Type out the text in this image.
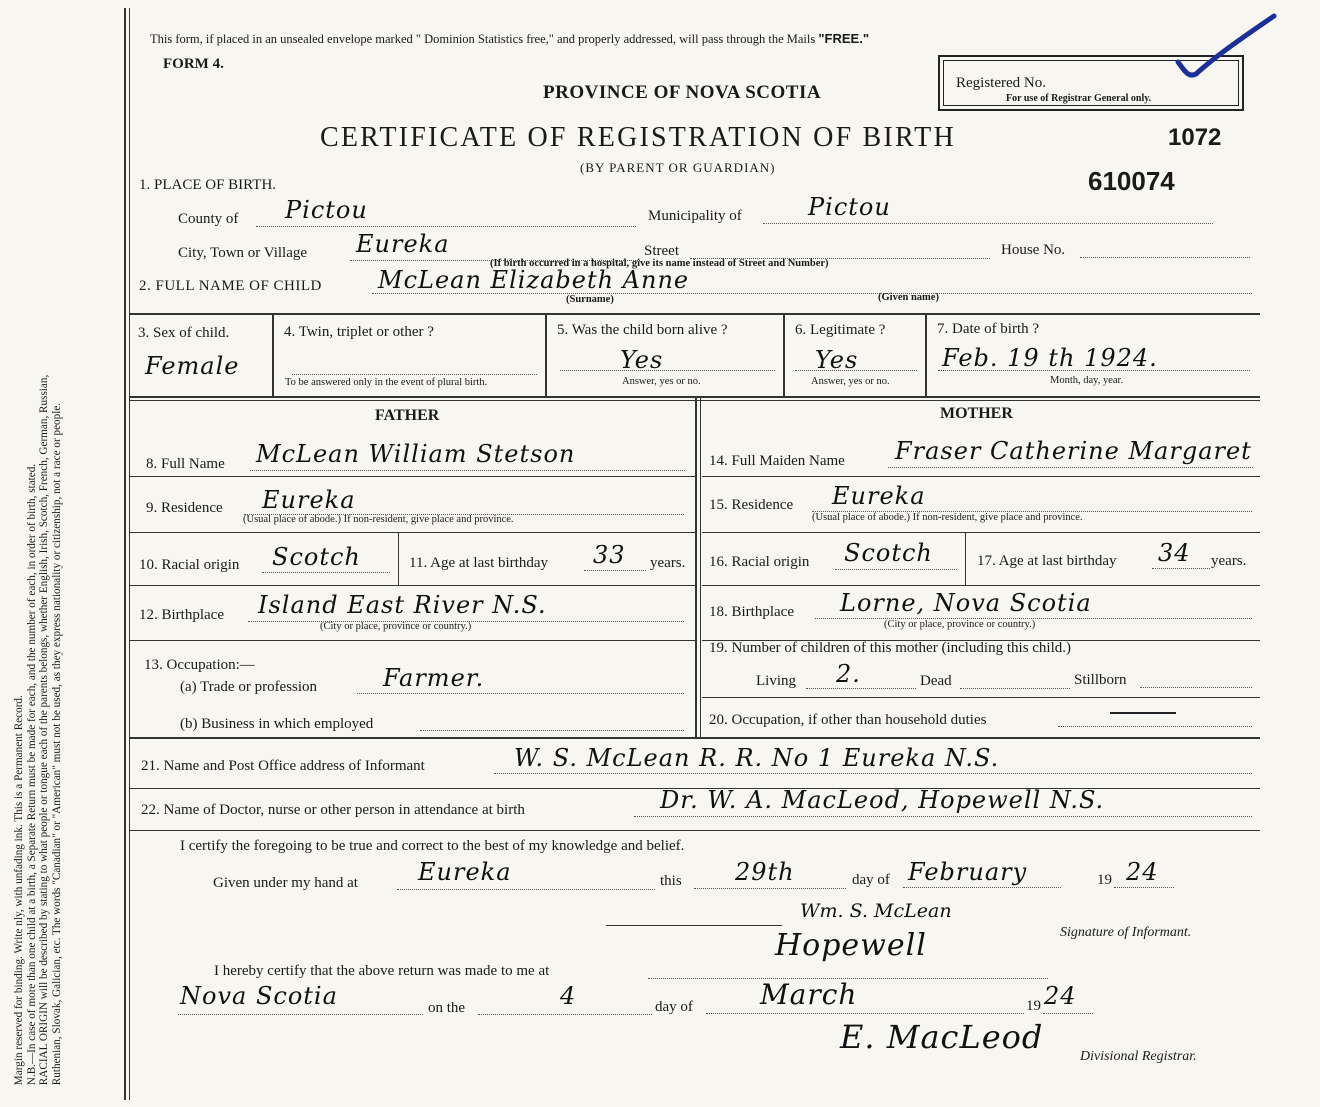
Margin reserved for binding. Write nly, with unfading ink. This is a Permanent Record. N.B.—In case of more than one child at a birth, a Separate Return must be made for each, and the number of each, in order of birth, stated. RACIAL ORIGIN will be described by stating to what people or tongue each of the parents belongs, whether English, Irish, Scotch, French, German, Russian, Ruthenian, Slovak, Galician, etc. The words "Canadian" or "American" must not be used, as they express nationality or citizenship, not a race or people.
This form, if placed in an unsealed envelope marked " Dominion Statistics free," and properly addressed, will pass through the Mails "FREE."
FORM 4.
PROVINCE OF NOVA SCOTIA
CERTIFICATE OF REGISTRATION OF BIRTH
(BY PARENT OR GUARDIAN)
Registered No.
For use of Registrar General only.
1072
610074
1. PLACE OF BIRTH.
County of Pictou	Municipality of	Pictou
City, Town or Village Eureka	Street	House No.
(If birth occurred in a hospital, give its name instead of Street and Number)
2. FULL NAME OF CHILD McLean Elizabeth Anne
(Surname)	(Given name)
3. Sex of child.
Female
4. Twin, triplet or other ?
To be answered only in the event of plural birth.
5. Was the child born alive ?
Yes
Answer, yes or no.
6. Legitimate ?
Yes
Answer, yes or no.
7. Date of birth ?
Feb. 19 th 1924.
Month, day, year.
FATHER	MOTHER
8. Full Name McLean William Stetson
9. Residence Eureka
(Usual place of abode.) If non-resident, give place and province.
10. Racial origin Scotch	11. Age at last birthday 33 years.
12. Birthplace Island East River N.S.
(City or place, province or country.)
13. Occupation:—
(a) Trade or profession	Farmer.
(b) Business in which employed
14. Full Maiden Name Fraser Catherine Margaret
15. Residence Eureka
(Usual place of abode.) If non-resident, give place and province.
16. Racial origin Scotch	17. Age at last birthday 34 years.
18. Birthplace Lorne, Nova Scotia
(City or place, province or country.)
19. Number of children of this mother (including this child.)
Living 2.	Dead	Stillborn
20. Occupation, if other than household duties
21. Name and Post Office address of Informant	W. S. McLean R. R. No 1 Eureka N.S.
22. Name of Doctor, nurse or other person in attendance at birth	Dr. W. A. MacLeod, Hopewell N.S.
I certify the foregoing to be true and correct to the best of my knowledge and belief.
Given under my hand at	Eureka	this 29th	day of February	19 24
Wm. S. McLean
Signature of Informant.
Hopewell
I hereby certify that the above return was made to me at
Nova Scotia	on the	4	day of March	19 24
E. MacLeod
Divisional Registrar.
